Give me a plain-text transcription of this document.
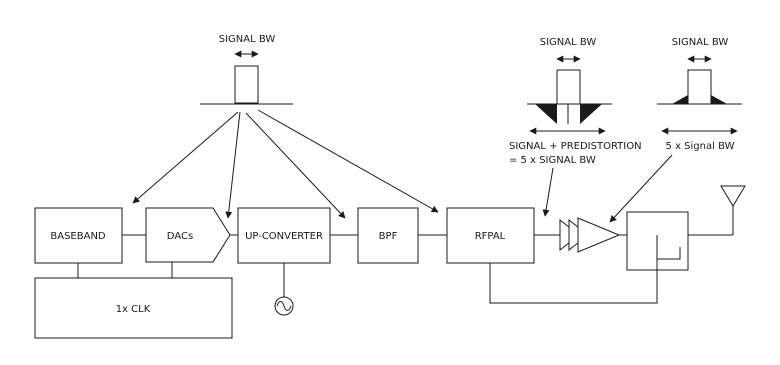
SIGNAL BW
BASEBAND	DACs	UP-CONVERTER	BPF	RFPAL
1x CLK
SIGNAL BW
SIGNAL + PREDISTORTION
= 5 x SIGNAL BW
SIGNAL BW
5 x Signal BW
